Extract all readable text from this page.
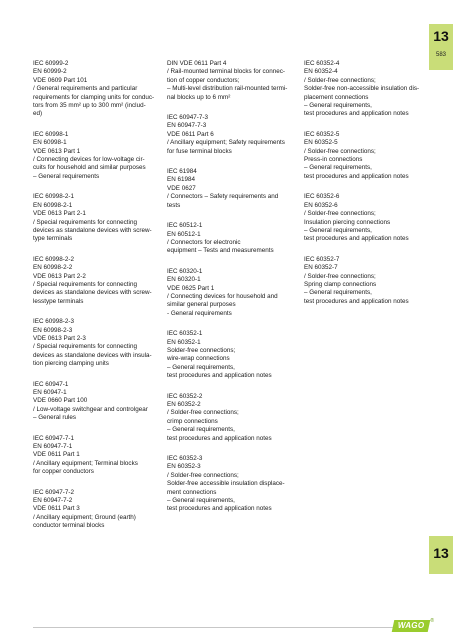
13
583
IEC 60999-2
EN 60999-2
VDE 0609 Part 101
/ General requirements and particular
requirements for clamping units for conduc-
tors from 35 mm² up to 300 mm² (includ-
ed)
IEC 60998-1
EN 60998-1
VDE 0613 Part 1
/ Connecting devices for low-voltage cir-
cuits for household and similar purposes
– General requirements
IEC 60998-2-1
EN 60998-2-1
VDE 0613 Part 2-1
/ Special requirements for connecting
devices as standalone devices with screw-
type terminals
IEC 60998-2-2
EN 60998-2-2
VDE 0613 Part 2-2
/ Special requirements for connecting
devices as standalone devices with screw-
lesstype terminals
IEC 60998-2-3
EN 60998-2-3
VDE 0613 Part 2-3
/ Special requirements for connecting
devices as standalone devices with insula-
tion piercing clamping units
IEC 60947-1
EN 60947-1
VDE 0660 Part 100
/ Low-voltage switchgear and controlgear
– General rules
IEC 60947-7-1
EN 60947-7-1
VDE 0611 Part 1
/ Ancillary equipment; Terminal blocks
for copper conductors
IEC 60947-7-2
EN 60947-7-2
VDE 0611 Part 3
/ Ancillary equipment; Ground (earth)
conductor terminal blocks
DIN VDE 0611 Part 4
/ Rail-mounted terminal blocks for connec-
tion of copper conductors;
– Multi-level distribution rail-mounted termi-
nal blocks up to 6 mm²
IEC 60947-7-3
EN 60947-7-3
VDE 0611 Part 6
/ Ancillary equipment; Safety requirements
for fuse terminal blocks
IEC 61984
EN 61984
VDE 0627
/ Connectors – Safety requirements and
tests
IEC 60512-1
EN 60512-1
/ Connectors for electronic
equipment – Tests and measurements
IEC 60320-1
EN 60320-1
VDE 0625 Part 1
/ Connecting devices for household and
similar general purposes
- General requirements
IEC 60352-1
EN 60352-1
Solder-free connections;
wire-wrap connections
– General requirements,
test procedures and application notes
IEC 60352-2
EN 60352-2
/ Solder-free connections;
crimp connections
– General requirements,
test procedures and application notes
IEC 60352-3
EN 60352-3
/ Solder-free connections;
Solder-free accessible insulation displace-
ment connections
– General requirements,
test procedures and application notes
IEC 60352-4
EN 60352-4
/ Solder-free connections;
Solder-free non-accessible insulation dis-
placement connections
– General requirements,
test procedures and application notes
IEC 60352-5
EN 60352-5
/ Solder-free connections;
Press-in connections
– General requirements,
test procedures and application notes
IEC 60352-6
EN 60352-6
/ Solder-free connections;
Insulation piercing connections
– General requirements,
test procedures and application notes
IEC 60352-7
EN 60352-7
/ Solder-free connections;
Spring clamp connections
– General requirements,
test procedures and application notes
13
WAGO	®
